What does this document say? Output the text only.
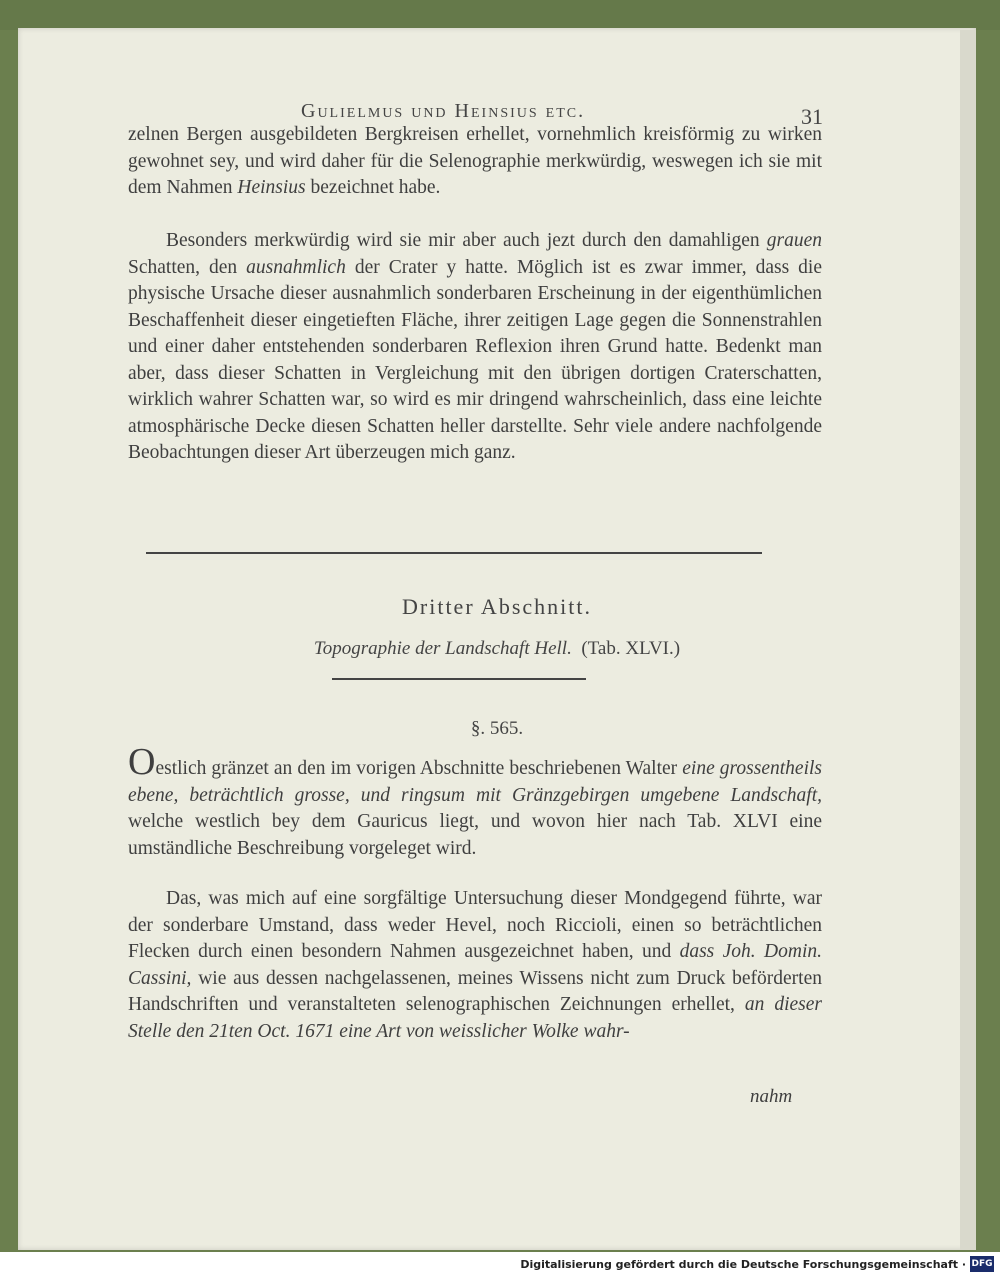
Gulielmus und Heinsius etc.	31
zelnen Bergen ausgebildeten Bergkreisen erhellet, vornehmlich kreisförmig zu wirken gewohnet sey, und wird daher für die Selenographie merkwürdig, weswegen ich sie mit dem Nahmen Heinsius bezeichnet habe.
Besonders merkwürdig wird sie mir aber auch jezt durch den damahligen grauen Schatten, den ausnahmlich der Crater y hatte. Möglich ist es zwar immer, dass die physische Ursache dieser ausnahmlich sonderbaren Erscheinung in der eigenthümlichen Beschaffenheit dieser eingetieften Fläche, ihrer zeitigen Lage gegen die Sonnenstrahlen und einer daher entstehenden sonderbaren Reflexion ihren Grund hatte. Bedenkt man aber, dass dieser Schatten in Vergleichung mit den übrigen dortigen Craterschatten, wirklich wahrer Schatten war, so wird es mir dringend wahrscheinlich, dass eine leichte atmosphärische Decke diesen Schatten heller darstellte. Sehr viele andere nachfolgende Beobachtungen dieser Art überzeugen mich ganz.
Dritter Abschnitt.
Topographie der Landschaft Hell. (Tab. XLVI.)
§. 565.
Oestlich gränzet an den im vorigen Abschnitte beschriebenen Walter eine grossentheils ebene, beträchtlich grosse, und ringsum mit Gränzgebirgen umgebene Landschaft, welche westlich bey dem Gauricus liegt, und wovon hier nach Tab. XLVI eine umständliche Beschreibung vorgeleget wird.
Das, was mich auf eine sorgfältige Untersuchung dieser Mondgegend führte, war der sonderbare Umstand, dass weder Hevel, noch Riccioli, einen so beträchtlichen Flecken durch einen besondern Nahmen ausgezeichnet haben, und dass Joh. Domin. Cassini, wie aus dessen nachgelassenen, meines Wissens nicht zum Druck beförderten Handschriften und veranstalteten selenographischen Zeichnungen erhellet, an dieser Stelle den 21ten Oct. 1671 eine Art von weisslicher Wolke wahr-
nahm
Digitalisierung gefördert durch die Deutsche Forschungsgemeinschaft · DFG
